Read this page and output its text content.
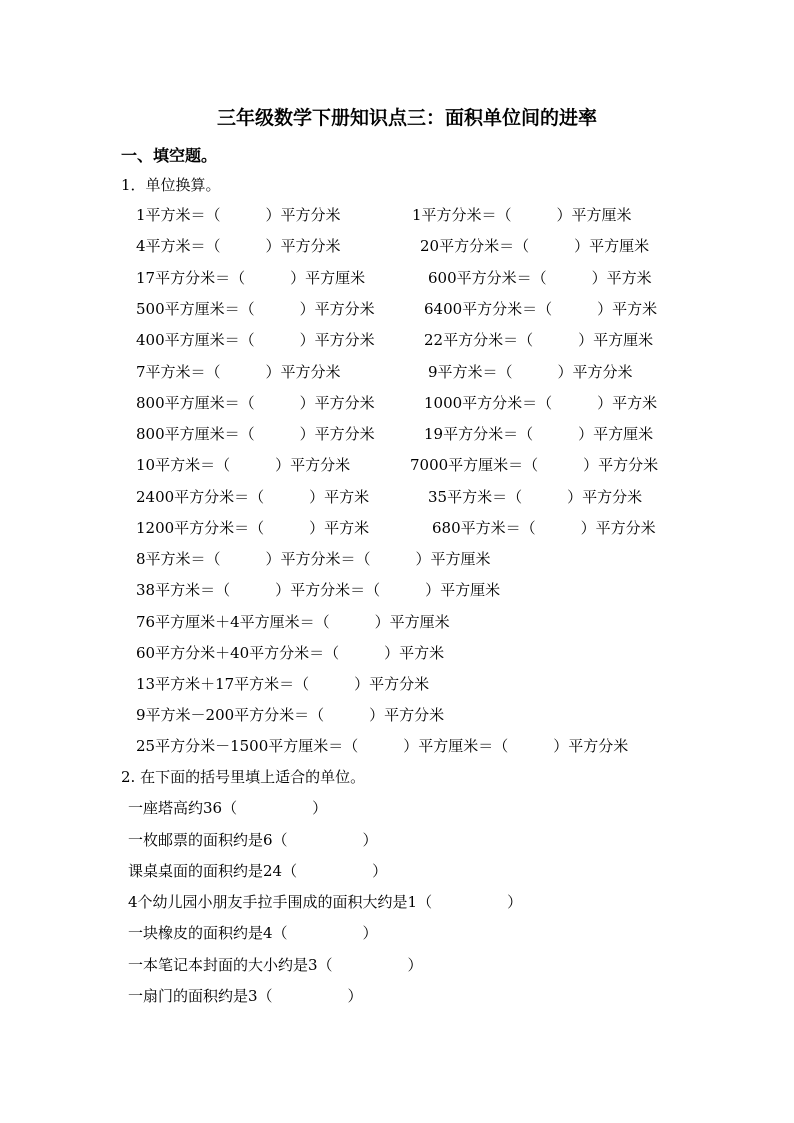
三年级数学下册知识点三：面积单位间的进率
一、填空题。
1．单位换算。
1平方米＝（　　　）平方分米	1平方分米＝（　　　）平方厘米
4平方米＝（　　　）平方分米	20平方分米＝（　　　）平方厘米
17平方分米＝（　　　）平方厘米	600平方分米＝（　　　）平方米
500平方厘米＝（　　　）平方分米	6400平方分米＝（　　　）平方米
400平方厘米＝（　　　）平方分米	22平方分米＝（　　　）平方厘米
7平方米＝（　　　）平方分米	9平方米＝（　　　）平方分米
800平方厘米＝（　　　）平方分米	1000平方分米＝（　　　）平方米
800平方厘米＝（　　　）平方分米	19平方分米＝（　　　）平方厘米
10平方米＝（　　　）平方分米	7000平方厘米＝（　　　）平方分米
2400平方分米＝（　　　）平方米	35平方米＝（　　　）平方分米
1200平方分米＝（　　　）平方米	680平方米＝（　　　）平方分米
8平方米＝（　　　）平方分米＝（　　　）平方厘米
38平方米＝（　　　）平方分米＝（　　　）平方厘米
76平方厘米＋4平方厘米＝（　　　）平方厘米
60平方分米＋40平方分米＝（　　　）平方米
13平方米＋17平方米＝（　　　）平方分米
9平方米－200平方分米＝（　　　）平方分米
25平方分米－1500平方厘米＝（　　　）平方厘米＝（　　　）平方分米
2. 在下面的括号里填上适合的单位。
一座塔高约36（　　　　　）
一枚邮票的面积约是6（　　　　　）
课桌桌面的面积约是24（　　　　　）
4个幼儿园小朋友手拉手围成的面积大约是1（　　　　　）
一块橡皮的面积约是4（　　　　　）
一本笔记本封面的大小约是3（　　　　　）
一扇门的面积约是3（　　　　　）
